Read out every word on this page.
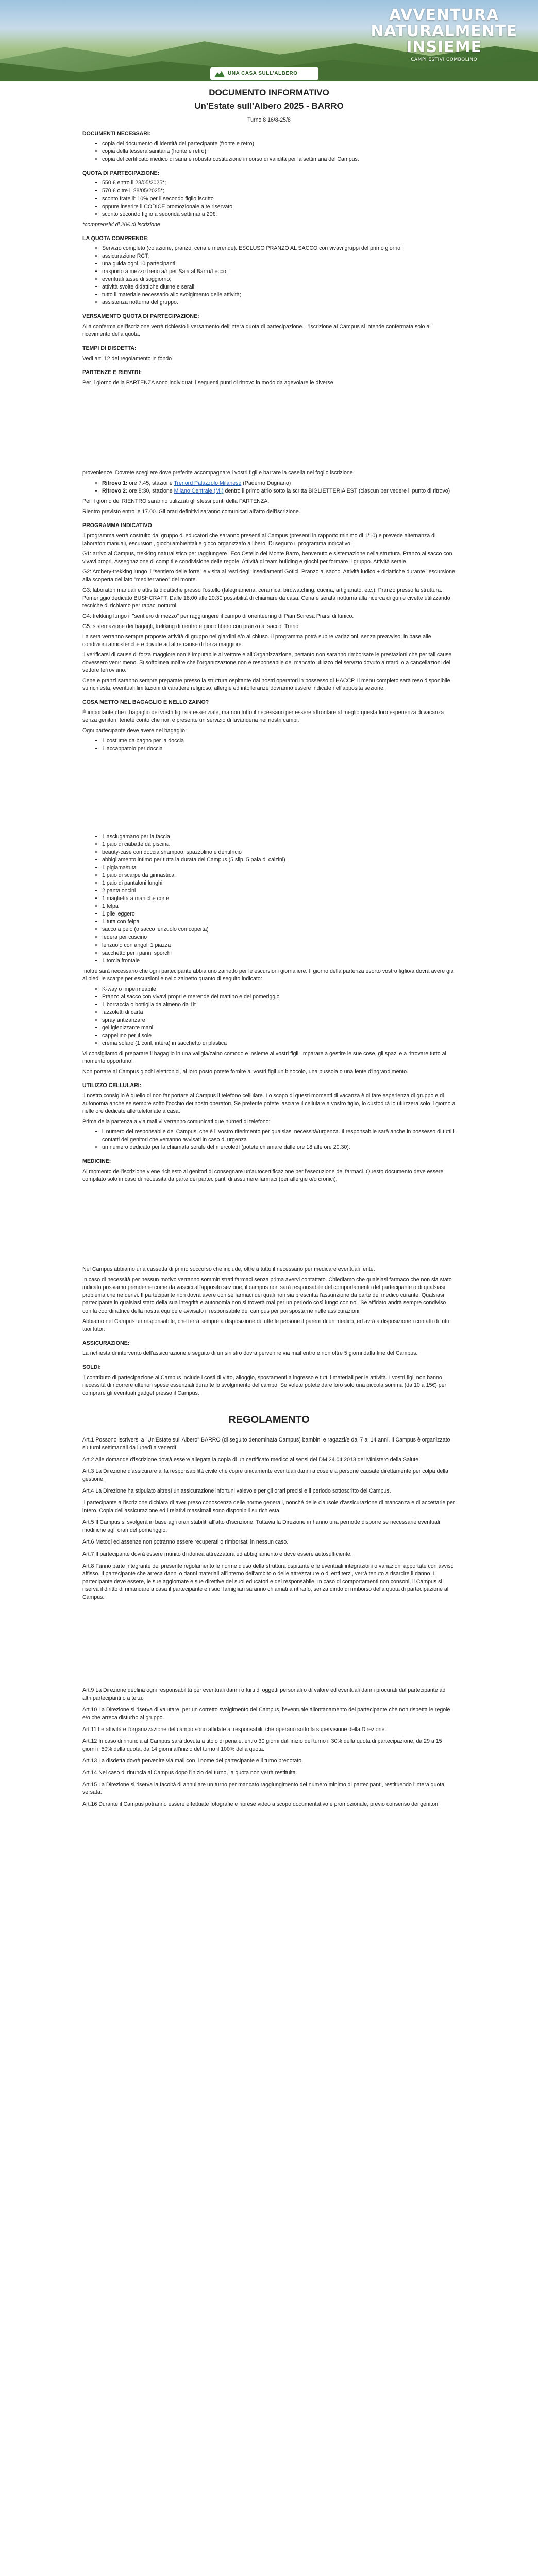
AVVENTURA
NATURALMENTE
INSIEME
CAMPI ESTIVI COMBOLINO
UNA CASA SULL'ALBERO
DOCUMENTO INFORMATIVO
Un'Estate sull'Albero 2025 - BARRO
Turno 8 16/8-25/8
DOCUMENTI NECESSARI:
• copia del documento di identità del partecipante (fronte e retro);
• copia della tessera sanitaria (fronte e retro);
• copia del certificato medico di sana e robusta costituzione in corso di validità per la settimana del Campus.
QUOTA DI PARTECIPAZIONE:
• 550 € entro il 28/05/2025*;
• 570 € oltre il 28/05/2025*;
• sconto fratelli: 10% per il secondo figlio iscritto
• oppure inserire il CODICE promozionale a te riservato,
• sconto secondo figlio a seconda settimana 20€.

*comprensivi di 20€ di iscrizione

LA QUOTA COMPRENDE:
• Servizio completo (colazione, pranzo, cena e merende). ESCLUSO PRANZO AL SACCO con vivavi gruppi del primo giorno;
• assicurazione RCT;
• una guida ogni 10 partecipanti;
• trasporto a mezzo treno a/r per Sala al Barro/Lecco;
• eventuali tasse di soggiorno;
• attività svolte didattiche diurne e serali;
• tutto il materiale necessario allo svolgimento delle attività;
• assistenza notturna del gruppo.
VERSAMENTO QUOTA DI PARTECIPAZIONE:

Alla conferma dell'iscrizione verrà richiesto il versamento dell'intera quota di partecipazione. L'iscrizione al Campus si intende confermata solo al ricevimento della quota.

TEMPI DI DISDETTA:

Vedi art. 12 del regolamento in fondo

PARTENZE E RIENTRI:

Per il giorno della PARTENZA sono individuati i seguenti punti di ritrovo in modo da agevolare le diverse

provenienze. Dovrete scegliere dove preferite accompagnare i vostri figli e barrare la casella nel foglio iscrizione.

• Ritrovo 1: ore 7:45, stazione Trenord Palazzolo Milanese (Paderno Dugnano)
• Ritrovo 2: ore 8:30, stazione Milano Centrale (MI) dentro il primo atrio sotto la scritta BIGLIETTERIA EST (ciascun per vedere il punto di ritrovo)

Per il giorno del RIENTRO saranno utilizzati gli stessi punti della PARTENZA.

Rientro previsto entro le 17.00. Gli orari definitivi saranno comunicati all'atto dell'iscrizione.

PROGRAMMA INDICATIVO

Il programma verrà costruito dal gruppo di educatori che saranno presenti al Campus (presenti in rapporto minimo di 1/10) e prevede alternanza di laboratori manuali, escursioni, giochi ambientali e gioco organizzato a libero. Di seguito il programma indicativo:

G1: arrivo al Campus, trekking naturalistico per raggiungere l'Eco Ostello del Monte Barro, benvenuto e sistemazione nella struttura. Pranzo al sacco con vivavi propri. Assegnazione di compiti e condivisione delle regole. Attività di team building e giochi per formare il gruppo. Attività serale.

G2: Archery-trekking lungo il "sentiero delle forre" e visita ai resti degli insediamenti Gotici. Pranzo al sacco. Attività ludico + didattiche durante l'escursione alla scoperta del lato "mediterraneo" del monte.

G3: laboratori manuali e attività didattiche presso l'ostello (falegnameria, ceramica, birdwatching, cucina, artigianato, etc.). Pranzo presso la struttura. Pomeriggio dedicato BUSHCRAFT. Dalle 18:00 alle 20:30 possibilità di chiamare da casa. Cena e serata notturna alla ricerca di gufi e civette utilizzando tecniche di richiamo per rapaci notturni.

G4: trekking lungo il "sentiero di mezzo" per raggiungere il campo di orienteering di Pian Sciresa Prarsi di lunico.

G5: sistemazione dei bagagli, trekking di rientro e gioco libero con pranzo al sacco. Treno.

La sera verranno sempre proposte attività di gruppo nei giardini e/o al chiuso. Il programma potrà subire variazioni, senza preavviso, in base alle condizioni atmosferiche e dovute ad altre cause di forza maggiore.

Il verificarsi di cause di forza maggiore non è imputabile al vettore e all'Organizzazione, pertanto non saranno rimborsate le prestazioni che per tali cause dovessero venir meno. Si sottolinea inoltre che l'organizzazione non è responsabile del mancato utilizzo del servizio dovuto a ritardi o a cancellazioni del vettore ferroviario.

Cene e pranzi saranno sempre preparate presso la struttura ospitante dai nostri operatori in possesso di HACCP. Il menu completo sarà reso disponibile su richiesta, eventuali limitazioni di carattere religioso, allergie ed intolleranze dovranno essere indicate nell'apposita sezione.

COSA METTO NEL BAGAGLIO E NELLO ZAINO?

È importante che il bagaglio dei vostri figli sia essenziale, ma non tutto il necessario per essere affrontare al meglio questa loro esperienza di vacanza senza genitori; tenete conto che non è presente un servizio di lavanderia nei nostri campi.

Ogni partecipante deve avere nel bagaglio:

• 1 costume da bagno per la doccia
• 1 accappatoio per doccia
• 1 asciugamano per la faccia
• 1 paio di ciabatte da piscina
• beauty-case con doccia shampoo, spazzolino e dentifricio
• abbigliamento intimo per tutta la durata del Campus (5 slip, 5 paia di calzini)
• 1 pigiama/tuta
• 1 paio di scarpe da ginnastica
• 1 paio di pantaloni lunghi
• 2 pantaloncini
• 1 maglietta a maniche corte
• 1 felpa
• 1 pile leggero
• 1 tuta con felpa
• sacco a pelo (o sacco lenzuolo con coperta)
• federa per cuscino
• lenzuolo con angoli 1 piazza
• sacchetto per i panni sporchi
• 1 torcia frontale

Inoltre sarà necessario che ogni partecipante abbia uno zainetto per le escursioni giornaliere. Il giorno della partenza esorto vostro figlio/a dovrà avere già ai piedi le scarpe per escursioni e nello zainetto quanto di seguito indicato:

• K-way o impermeabile
• Pranzo al sacco con vivavi propri e merende del mattino e del pomeriggio
• 1 borraccia o bottiglia da almeno da 1lt
• fazzoletti di carta
• spray antizanzare
• gel igienizzante mani
• cappellino per il sole
• crema solare (1 conf. intera) in sacchetto di plastica

Vi consigliamo di preparare il bagaglio in una valigia/zaino comodo e insieme ai vostri figli. Imparare a gestire le sue cose, gli spazi e a ritrovare tutto al momento opportuno!

Non portare al Campus giochi elettronici, al loro posto potete fornire ai vostri figli un binocolo, una bussola o una lente d'ingrandimento.

UTILIZZO CELLULARI:

Il nostro consiglio è quello di non far portare al Campus il telefono cellulare. Lo scopo di questi momenti di vacanza è di fare esperienza di gruppo e di autonomia anche se sempre sotto l'occhio dei nostri operatori. Se preferite potete lasciare il cellulare a vostro figlio, lo custodirà lo utilizzerà solo il giorno a nelle ore dedicate alle telefonate a casa.

Prima della partenza a via mail vi verranno comunicati due numeri di telefono:

• il numero del responsabile del Campus, che è il vostro riferimento per qualsiasi necessità/urgenza. Il responsabile sarà anche in possesso di tutti i contatti dei genitori che verranno avvisati in caso di urgenza
• un numero dedicato per la chiamata serale del mercoledì (potete chiamare dalle ore 18 alle ore 20.30).
MEDICINE:

Al momento dell'iscrizione viene richiesto ai genitori di consegnare un'autocertificazione per l'esecuzione dei farmaci. Questo documento deve essere compilato solo in caso di necessità da parte dei partecipanti di assumere farmaci (per allergie o/o cronici).

Nel Campus abbiamo una cassetta di primo soccorso che include, oltre a tutto il necessario per medicare eventuali ferite.

In caso di necessità per nessun motivo verranno somministrati farmaci senza prima avervi contattato. Chiediamo che qualsiasi farmaco che non sia stato indicato possiamo prenderne come da vascici all'apposito sezione, il campus non sarà responsabile del comportamento del partecipante o di qualsiasi problema che ne derivi. Il partecipante non dovrà avere con sé farmaci dei quali non sia prescritta l'assunzione da parte del medico curante. Qualsiasi partecipante in qualsiasi stato della sua integrità e autonomia non si troverà mai per un periodo così lungo con noi. Se affidato andrà sempre condiviso con la coordinatrice della nostra equipe e avvisato il responsabile del campus per poi spostarne nelle assicurazioni.

Abbiamo nel Campus un responsabile, che terrà sempre a disposizione di tutte le persone il parere di un medico, ed avrà a disposizione i contatti di tutti i tuoi tutor.

ASSICURAZIONE:

La richiesta di intervento dell'assicurazione e seguito di un sinistro dovrà pervenire via mail entro e non oltre 5 giorni dalla fine del Campus.

SOLDI:

Il contributo di partecipazione al Campus include i costi di vitto, alloggio, spostamenti a ingresso e tutti i materiali per le attività. I vostri figli non hanno necessità di ricorrere ulteriori spese essenziali durante lo svolgimento del campo. Se volete potete dare loro solo una piccola somma (da 10 a 15€) per comprare gli eventuali gadget presso il Campus.

REGOLAMENTO

Art.1 Possono iscriversi a "Un'Estate sull'Albero" BARRO (di seguito denominata Campus) bambini e ragazzi/e dai 7 ai 14 anni. Il Campus è organizzato su turni settimanali da lunedì a venerdì.

Art.2 Alle domande d'iscrizione dovrà essere allegata la copia di un certificato medico ai sensi del DM 24.04.2013 del Ministero della Salute.

Art.3 La Direzione d'assicurare ai la responsabilità civile che copre unicamente eventuali danni a cose e a persone causate direttamente per colpa della gestione.

Art.4 La Direzione ha stipulato altresì un'assicurazione infortuni valevole per gli orari precisi e il periodo sottoscritto del Campus.

Il partecipante all'iscrizione dichiara di aver preso conoscenza delle norme generali, nonché delle clausole d'assicurazione di mancanza e di accettarle per intero. Copia dell'assicurazione ed i relativi massimali sono disponibili su richiesta.

Art.5 Il Campus si svolgerà in base agli orari stabiliti all'atto d'iscrizione. Tuttavia la Direzione in hanno una pernotte disporre se necessarie eventuali modifiche agli orari del pomeriggio.

Art.6 Metodi ed assenze non potranno essere recuperati o rimborsati in nessun caso.

Art.7 Il partecipante dovrà essere munito di idonea attrezzatura ed abbigliamento e deve essere autosufficiente.

Art.8 Fanno parte integrante del presente regolamento le norme d'uso della struttura ospitante e le eventuali integrazioni o variazioni apportate con avviso affisso. Il partecipante che arreca danni o danni materiali all'interno dell'ambito o delle attrezzature o di enti terzi, verrà tenuto a risarcire il danno. Il partecipante deve essere, le sue aggiornate e sue direttive dei suoi educatori e del responsabile. In caso di comportamenti non consoni, il Campus si riserva il diritto di rimandare a casa il partecipante e i suoi famigliari saranno chiamati a ritirarlo, senza diritto di rimborso della quota di partecipazione al Campus.

Art.9 La Direzione declina ogni responsabilità per eventuali danni o furti di oggetti personali o di valore ed eventuali danni procurati dal partecipante ad altri partecipanti o a terzi.

Art.10 La Direzione si riserva di valutare, per un corretto svolgimento del Campus, l'eventuale allontanamento del partecipante che non rispetta le regole e/o che arreca disturbo al gruppo.

Art.11 Le attività e l'organizzazione del campo sono affidate ai responsabili, che operano sotto la supervisione della Direzione.

Art.12 In caso di rinuncia al Campus sarà dovuta a titolo di penale: entro 30 giorni dall'inizio del turno il 30% della quota di partecipazione; da 29 a 15 giorni il 50% della quota; da 14 giorni all'inizio del turno il 100% della quota.

Art.13 La disdetta dovrà pervenire via mail con il nome del partecipante e il turno prenotato.

Art.14 Nel caso di rinuncia al Campus dopo l'inizio del turno, la quota non verrà restituita.

Art.15 La Direzione si riserva la facoltà di annullare un turno per mancato raggiungimento del numero minimo di partecipanti, restituendo l'intera quota versata.

Art.16 Durante il Campus potranno essere effettuate fotografie e riprese video a scopo documentativo e promozionale, previo consenso dei genitori.
